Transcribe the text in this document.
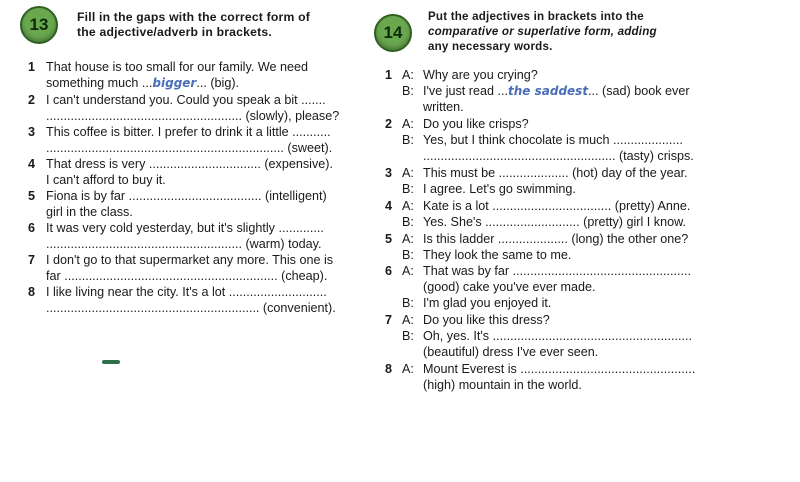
13	Fill in the gaps with the correct form of
the adjective/adverb in brackets.
1 That house is too small for our family. We need
something much ...bigger... (big).
2 I can't understand you. Could you speak a bit .......
........................................................ (slowly), please?
3 This coffee is bitter. I prefer to drink it a little ...........
.................................................................... (sweet).
4 That dress is very ................................ (expensive).
I can't afford to buy it.
5 Fiona is by far ...................................... (intelligent)
girl in the class.
6 It was very cold yesterday, but it's slightly .............
........................................................ (warm) today.
7 I don't go to that supermarket any more. This one is
far ............................................................. (cheap).
8 I like living near the city. It's a lot ............................
............................................................. (convenient).
14
Put the adjectives in brackets into the
comparative or superlative form, adding
any necessary words.
1 A: Why are you crying?
B: I've just read ...the saddest... (sad) book ever
written.
2 A: Do you like crisps?
B: Yes, but I think chocolate is much ....................
....................................................... (tasty) crisps.
3 A: This must be .................... (hot) day of the year.
B: I agree. Let's go swimming.
4 A: Kate is a lot .................................. (pretty) Anne.
B: Yes. She's ........................... (pretty) girl I know.
5 A: Is this ladder .................... (long) the other one?
B: They look the same to me.
6 A: That was by far ...................................................
(good) cake you've ever made.
B: I'm glad you enjoyed it.
7 A: Do you like this dress?
B: Oh, yes. It's .........................................................
(beautiful) dress I've ever seen.
8 A: Mount Everest is ..................................................
(high) mountain in the world.
